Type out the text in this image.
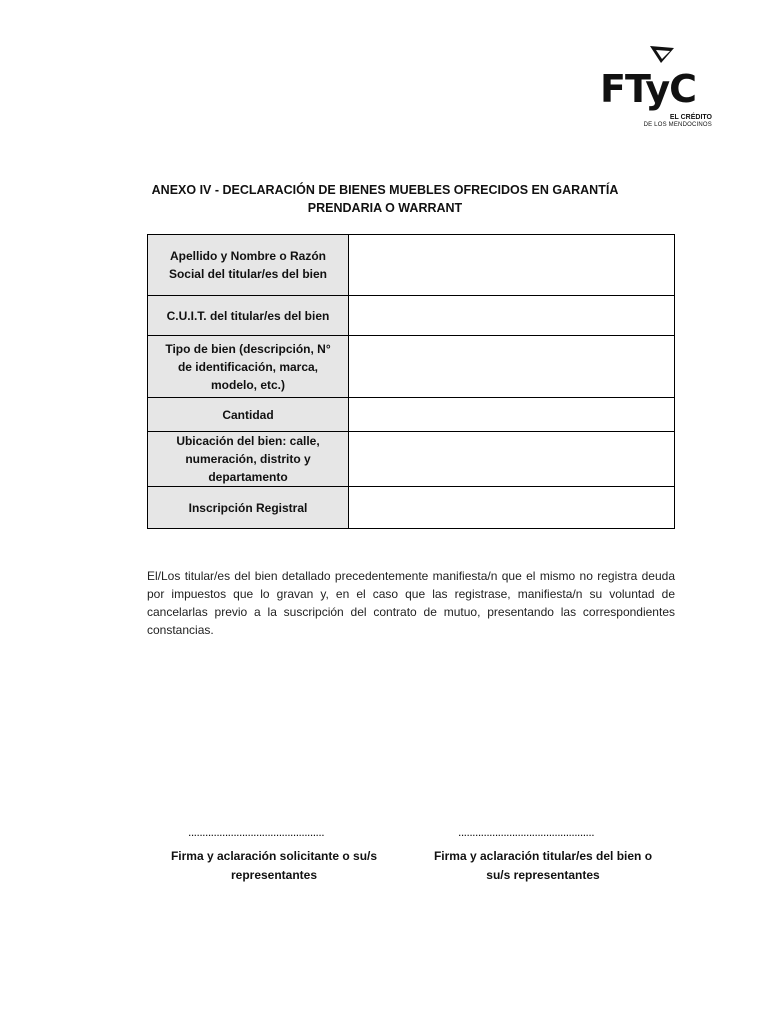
FTyC
EL CRÉDITO
DE LOS MENDOCINOS
ANEXO IV - DECLARACIÓN DE BIENES MUEBLES OFRECIDOS EN GARANTÍA
PRENDARIA O WARRANT
Apellido y Nombre o Razón
Social del titular/es del bien	

C.U.I.T. del titular/es del bien	

Tipo de bien (descripción, N°
de identificación, marca,
modelo, etc.)	

Cantidad	

Ubicación del bien: calle,
numeración, distrito y
departamento	

Inscripción Registral	

El/Los titular/es del bien detallado precedentemente manifiesta/n que el mismo no registra deuda por impuestos que lo gravan y, en el caso que las registrase, manifiesta/n su voluntad de cancelarlas previo a la suscripción del contrato de mutuo, presentando las correspondientes constancias.
................................................	................................................
Firma y aclaración solicitante o su/s
representantes
Firma y aclaración titular/es del bien o
su/s representantes
